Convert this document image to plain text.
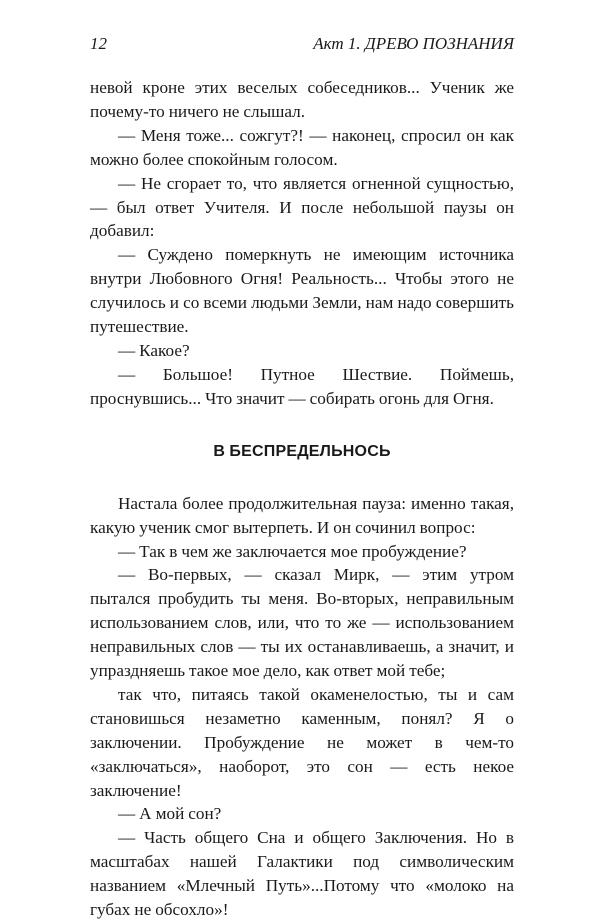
12	Акт 1. ДРЕВО ПОЗНАНИЯ

невой кроне этих веселых собеседников... Ученик же почему-то ничего не слышал.

— Меня тоже... сожгут?! — наконец, спросил он как можно более спокойным голосом.

— Не сгорает то, что является огненной сущностью, — был ответ Учителя. И после небольшой паузы он добавил:

— Суждено померкнуть не имеющим источника внутри Любовного Огня! Реальность... Чтобы этого не случилось и со всеми людьми Земли, нам надо совершить путешествие.

— Какое?

— Большое! Путное Шествие. Поймешь, проснувшись... Что значит — собирать огонь для Огня.

В БЕСПРЕДЕЛЬНОСЬ

Настала более продолжительная пауза: именно такая, какую ученик смог вытерпеть. И он сочинил вопрос:

— Так в чем же заключается мое пробуждение?

— Во-первых, — сказал Мирк, — этим утром пытался пробудить ты меня. Во-вторых, неправильным использованием слов, или, что то же — использованием неправильных слов — ты их останавливаешь, а значит, и упраздняешь такое мое дело, как ответ мой тебе;

так что, питаясь такой окаменелостью, ты и сам становишься незаметно каменным, понял? Я о заключении. Пробуждение не может в чем-то «заключаться», наоборот, это сон — есть некое заключение!

— А мой сон?

— Часть общего Сна и общего Заключения. Но в масштабах нашей Галактики под символическим названием «Млечный Путь»...Потому что «молоко на губах не обсохло»!
